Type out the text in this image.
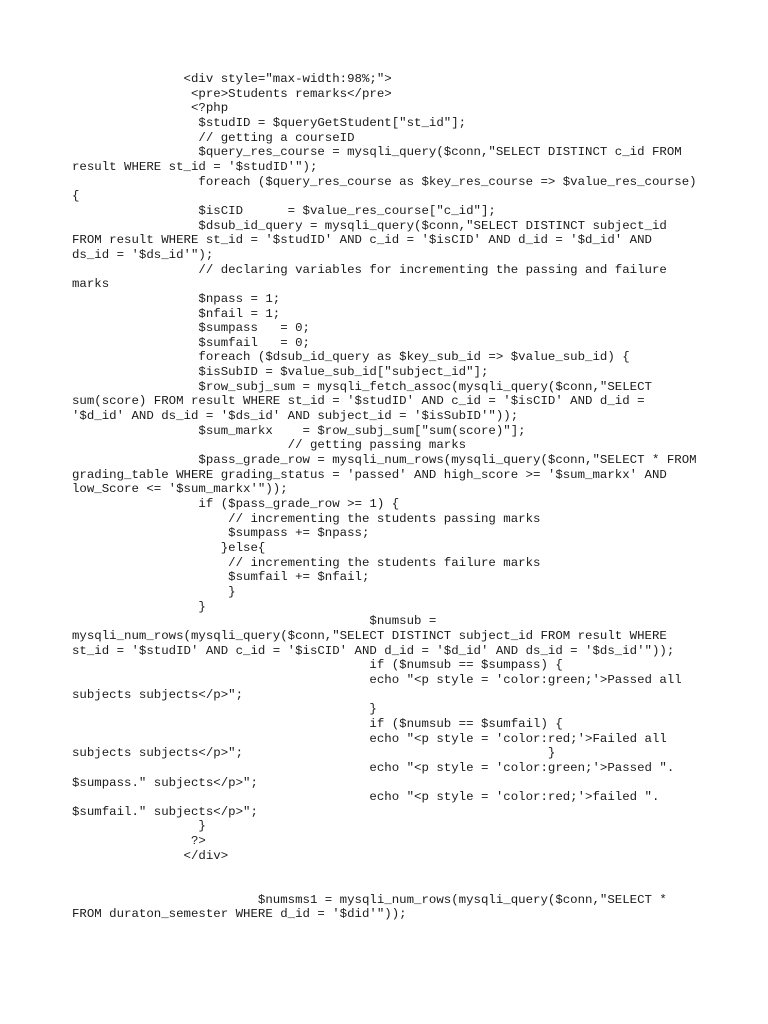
<div style="max-width:98%;">
<pre>Students remarks</pre>
<?php
$studID = $queryGetStudent["st_id"];
// getting a courseID
$query_res_course = mysqli_query($conn,"SELECT DISTINCT c_id FROM
result WHERE st_id = '$studID'");
foreach ($query_res_course as $key_res_course => $value_res_course)
{
$isCID      = $value_res_course["c_id"];
$dsub_id_query = mysqli_query($conn,"SELECT DISTINCT subject_id
FROM result WHERE st_id = '$studID' AND c_id = '$isCID' AND d_id = '$d_id' AND
ds_id = '$ds_id'");
// declaring variables for incrementing the passing and failure
marks
$npass = 1;
$nfail = 1;
$sumpass   = 0;
$sumfail   = 0;
foreach ($dsub_id_query as $key_sub_id => $value_sub_id) {
$isSubID = $value_sub_id["subject_id"];
$row_subj_sum = mysqli_fetch_assoc(mysqli_query($conn,"SELECT
sum(score) FROM result WHERE st_id = '$studID' AND c_id = '$isCID' AND d_id =
'$d_id' AND ds_id = '$ds_id' AND subject_id = '$isSubID'"));
$sum_markx    = $row_subj_sum["sum(score)"];
// getting passing marks
$pass_grade_row = mysqli_num_rows(mysqli_query($conn,"SELECT * FROM
grading_table WHERE grading_status = 'passed' AND high_score >= '$sum_markx' AND
low_Score <= '$sum_markx'"));
if ($pass_grade_row >= 1) {
// incrementing the students passing marks
$sumpass += $npass;
}else{
// incrementing the students failure marks
$sumfail += $nfail;
}
}
$numsub =
mysqli_num_rows(mysqli_query($conn,"SELECT DISTINCT subject_id FROM result WHERE
st_id = '$studID' AND c_id = '$isCID' AND d_id = '$d_id' AND ds_id = '$ds_id'"));
if ($numsub == $sumpass) {
echo "<p style = 'color:green;'>Passed all
subjects subjects</p>";
}
if ($numsub == $sumfail) {
echo "<p style = 'color:red;'>Failed all
subjects subjects</p>";                                         }
echo "<p style = 'color:green;'>Passed ".
$sumpass." subjects</p>";
echo "<p style = 'color:red;'>failed ".
$sumfail." subjects</p>";
}
?>
</div>
$numsms1 = mysqli_num_rows(mysqli_query($conn,"SELECT *
FROM duraton_semester WHERE d_id = '$did'"));
